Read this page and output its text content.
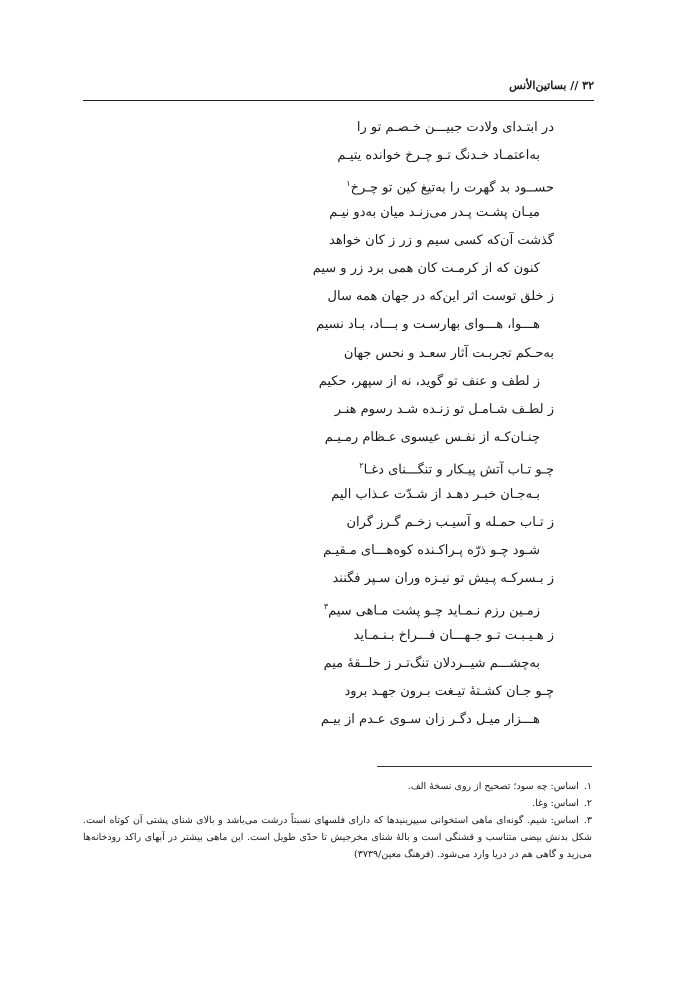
۳۲ // بساتین‌الأنس
در ابتـدای ولادت جبیـــن خـصـم تو را
به‌اعتمـاد خـدنگ تـو چـرخ خوانده یتیـم
حســود بد گهرت را به‌تیغ کین تو چـرخ$^۱$
میـان پشـت پـدر می‌زنـد میان به‌دو نیـم
گذشت آن‌که کسی سیم و زر ز کان خواهد
کنون که از کرمـت کان همی برد زر و سیم
ز خلق توست اثر این‌که در جهان همه سال
هـــوا، هـــوای بهارسـت و بـــاد، بـاد نسیم
به‌حـکم تجربـت آثار سعـد و نحس جهان
ز لطف و عنف تو گوید، نه از سپهر، حکیم
ز لطـف شـامـل تو زنـده شـد رسوم هنـر
چنـان‌کـه از نفـس عیسوی عـظام رمـیـم
چـو تـاب آتش پیـکار و تنگـــنای دغـا$^۲$
بـه‌جـان خبـر دهـد از شـدّت عـذاب الیم
ز تـاب حمـله و آسیـب زخـم گـرز گران
شـود چـو ذرّه پـراکـنده کوه‌هـــای مـقیـم
ز بـسرکـه پـیش تو نیـزه وران سـپر فگنند
زمـین رزم نـمـاید چـو پشت مـاهی سیم$^۳$
ز هـیـبـت تـو جـهـــان فـــراخ بـنـمـاید
به‌چشـــم شیــردلان تنگ‌تـر ز حلــقهٔ میم
چـو جـان کشـتهٔ تیـغت بـرون جهـد برود
هـــزار میـل دگـر زان سـوی عـدم از بیـم
۱.اساس: چه سود؛ تصحیح از روی نسخهٔ الف.
۲.اساس: وغا.
۳.اساس: شیم. گونه‌ای ماهی استخوانی سیپرینیدها که دارای فلسهای نسبتاً درشت می‌باشد و بالای شنای پشتی آن کوتاه است. شکل بدنش بیضی متناسب و قشنگی است و بالهٔ شنای مخرجیش تا حدّی طویل است. این ماهی بیشتر در آبهای راکد رودخانه‌ها می‌زید و گاهی هم در دریا وارد می‌شود. (فرهنگ معین/۳۷۳۹)
